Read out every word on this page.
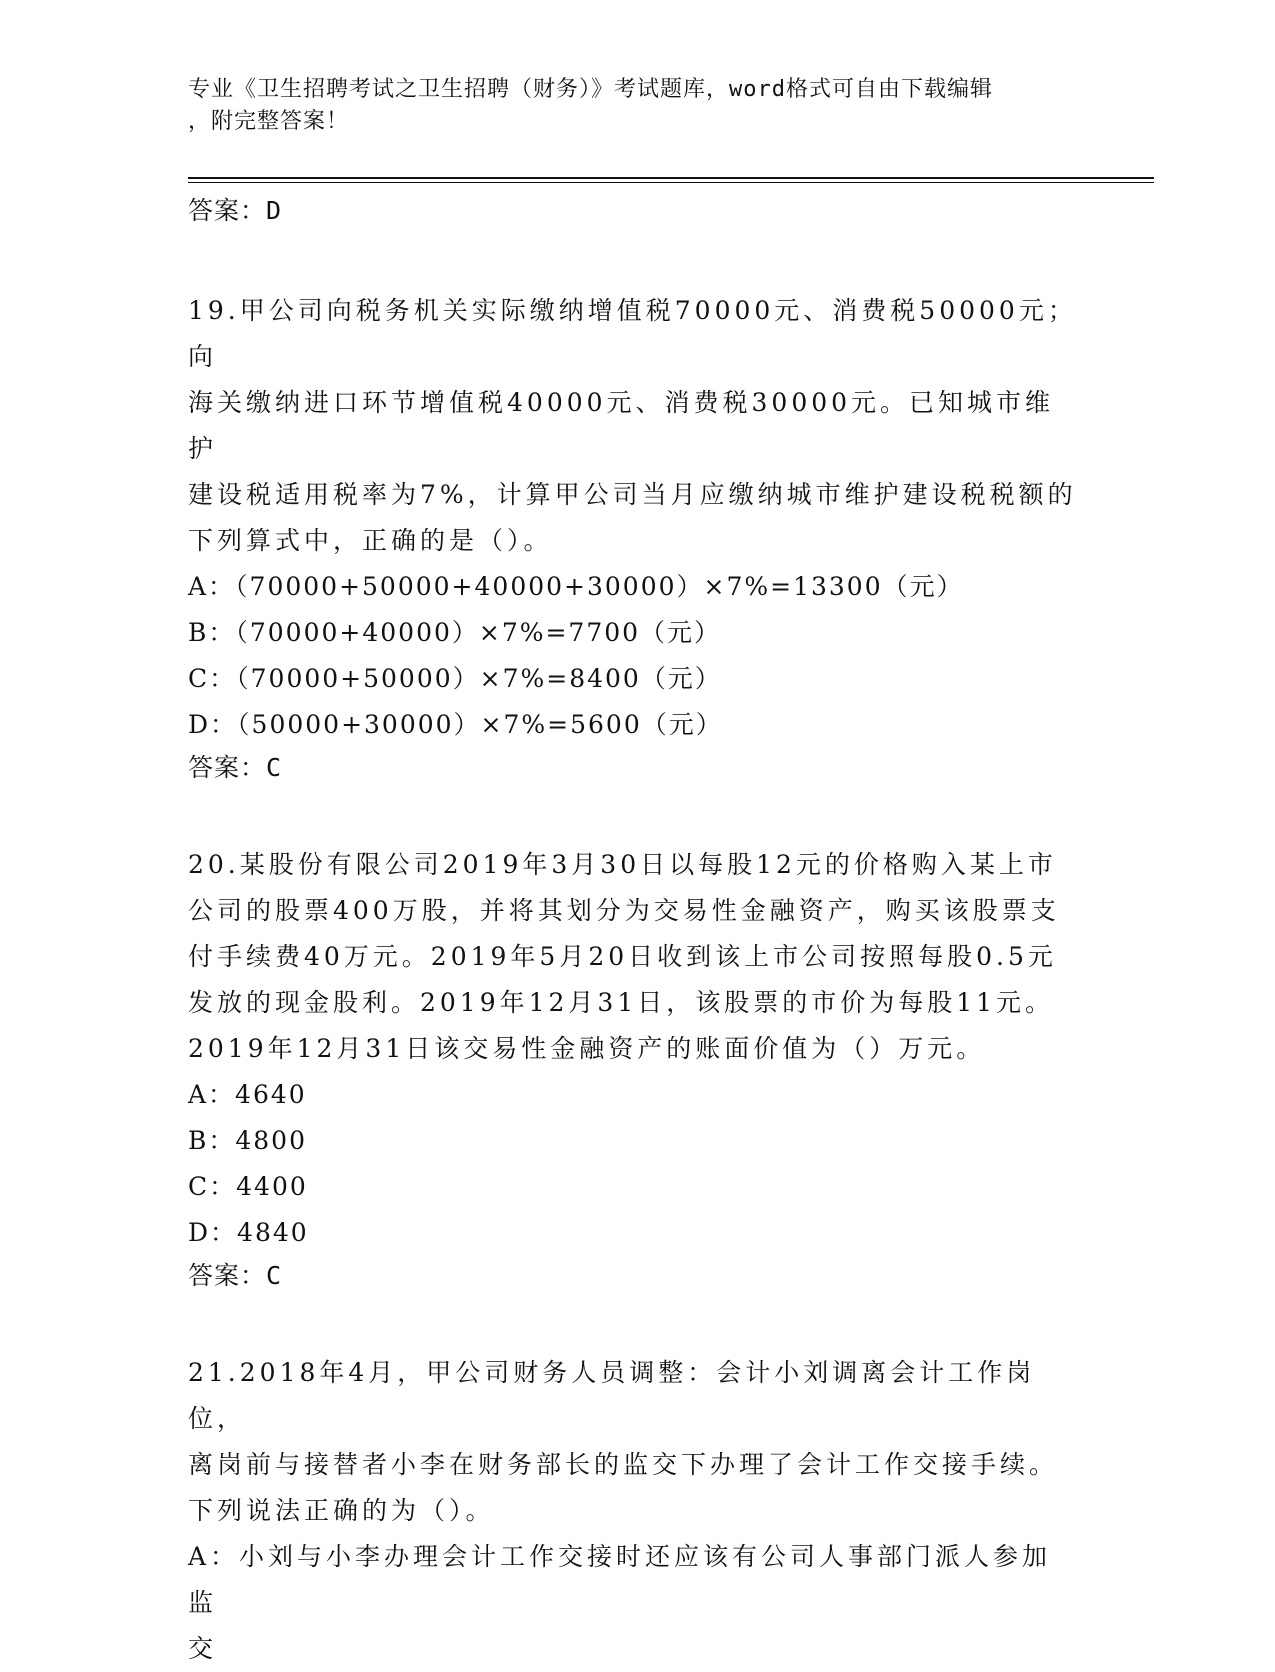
专业《卫生招聘考试之卫生招聘（财务）》考试题库，word格式可自由下载编辑
，附完整答案！

答案：D

19.甲公司向税务机关实际缴纳增值税70000元、消费税50000元；向

海关缴纳进口环节增值税40000元、消费税30000元。已知城市维护

建设税适用税率为7%，计算甲公司当月应缴纳城市维护建设税税额的

下列算式中，正确的是（）。

A：（70000+50000+40000+30000）×7%=13300（元）

B：（70000+40000）×7%=7700（元）

C：（70000+50000）×7%=8400（元）

D：（50000+30000）×7%=5600（元）

答案：C

20.某股份有限公司2019年3月30日以每股12元的价格购入某上市

公司的股票400万股，并将其划分为交易性金融资产，购买该股票支

付手续费40万元。2019年5月20日收到该上市公司按照每股0.5元

发放的现金股利。2019年12月31日，该股票的市价为每股11元。

2019年12月31日该交易性金融资产的账面价值为（）万元。

A：4640

B：4800

C：4400

D：4840

答案：C

21.2018年4月，甲公司财务人员调整：会计小刘调离会计工作岗位，

离岗前与接替者小李在财务部长的监交下办理了会计工作交接手续。

下列说法正确的为（）。

A：小刘与小李办理会计工作交接时还应该有公司人事部门派人参加监

交
